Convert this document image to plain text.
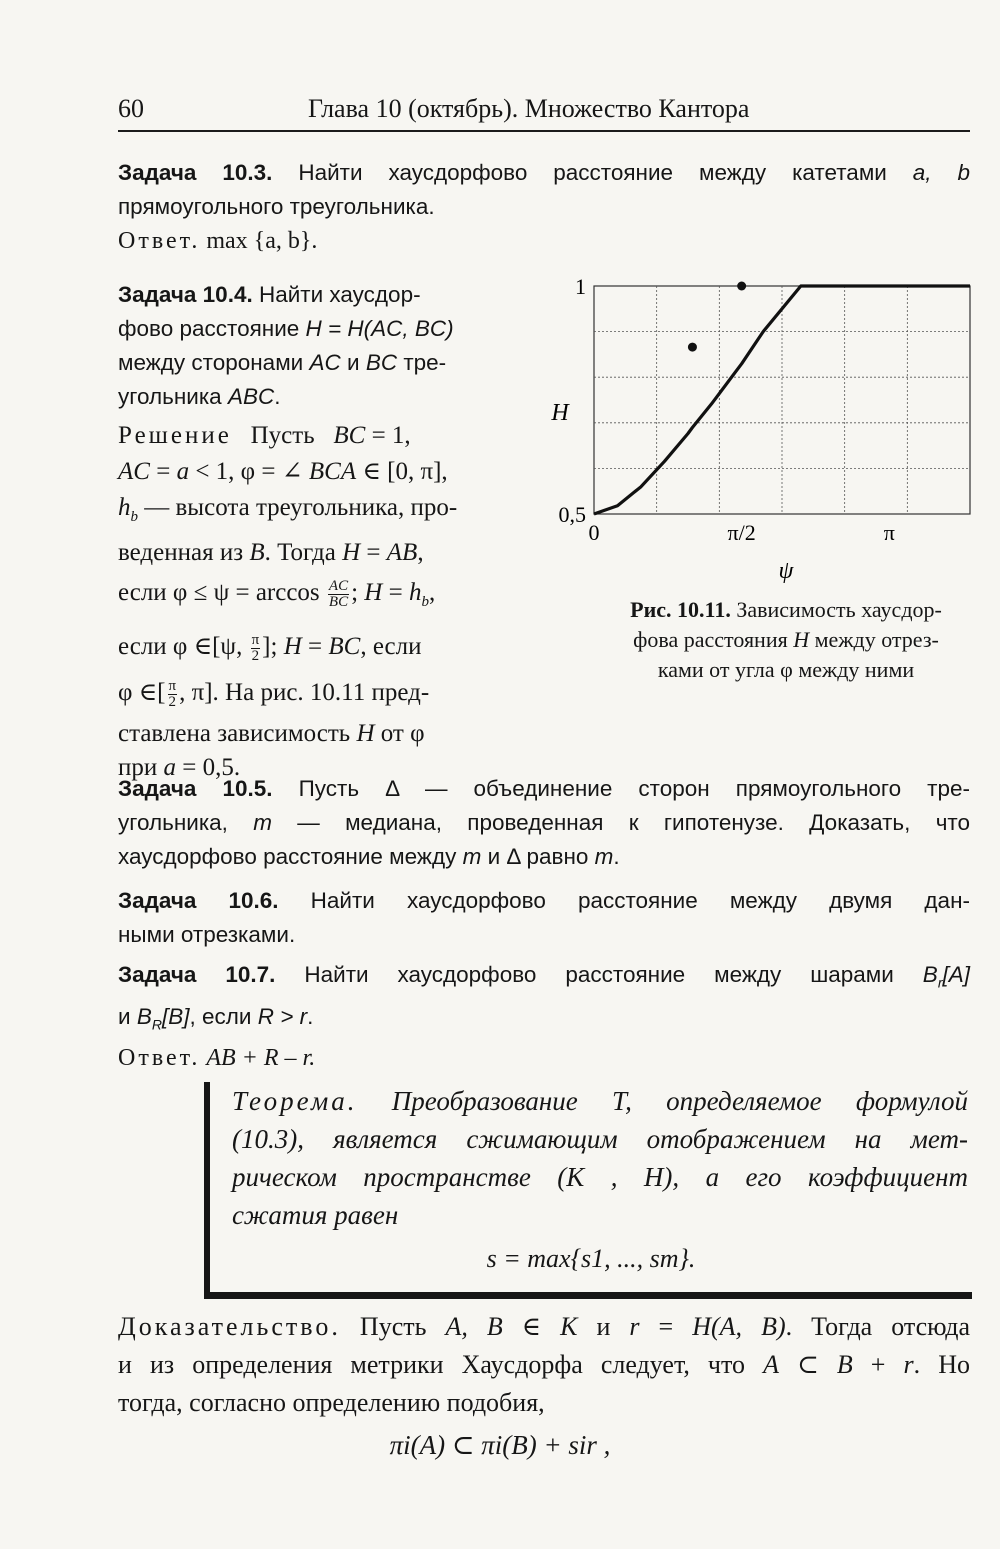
60	Глава 10 (октябрь). Множество Кантора
Задача 10.3. Найти хаусдорфово расстояние между катетами a, b
прямоугольного треугольника.
Ответ. max {a, b}.
Задача 10.4. Найти хаусдор-
фово расстояние H = H(AC, BC)
между сторонами AC и BC тре-
угольника ABC.
Решение   Пусть   BC = 1,
AC = a < 1, φ = ∠ BCA ∈ [0, π],
$h_b$ — высота треугольника, про-
веденная из B. Тогда H = AB,
если $\varphi \le \psi = \arccos \frac{AC}{BC}$ ; $H = h_b$,
если φ ∈[ψ, $\frac{\pi}{2}$ ]; H = BC, если
φ ∈[ $\frac{\pi}{2}$ , π]. На рис. 10.11 пред-
ставлена зависимость H от φ
при a = 0,5.
0	π/2	π
0,5
1
ψ
H
Рис. 10.11. Зависимость хаусдор-
фова расстояния H между отрез-
ками от угла φ между ними
Задача 10.5. Пусть Δ — объединение сторон прямоугольного тре-
угольника, m — медиана, проведенная к гипотенузе. Доказать, что
хаусдорфово расстояние между m и Δ равно m.
Задача 10.6. Найти хаусдорфово расстояние между двумя дан-
ными отрезками.
Задача 10.7. Найти хаусдорфово расстояние между шарами $B_r[A]$
и $B_R[B]$, если R > r.
Ответ. AB + R – r.
Теорема. Преобразование T, определяемое формулой
(10.3), является сжимающим отображением на мет-
рическом пространстве (K , H), а его коэффициент
сжатия равен
s = max{s1, ..., sm}.
Доказательство. Пусть A, B ∈ K и r = H(A, B). Тогда отсюда
и из определения метрики Хаусдорфа следует, что A ⊂ B + r. Но
тогда, согласно определению подобия,
πi(A) ⊂ πi(B) + sir ,
